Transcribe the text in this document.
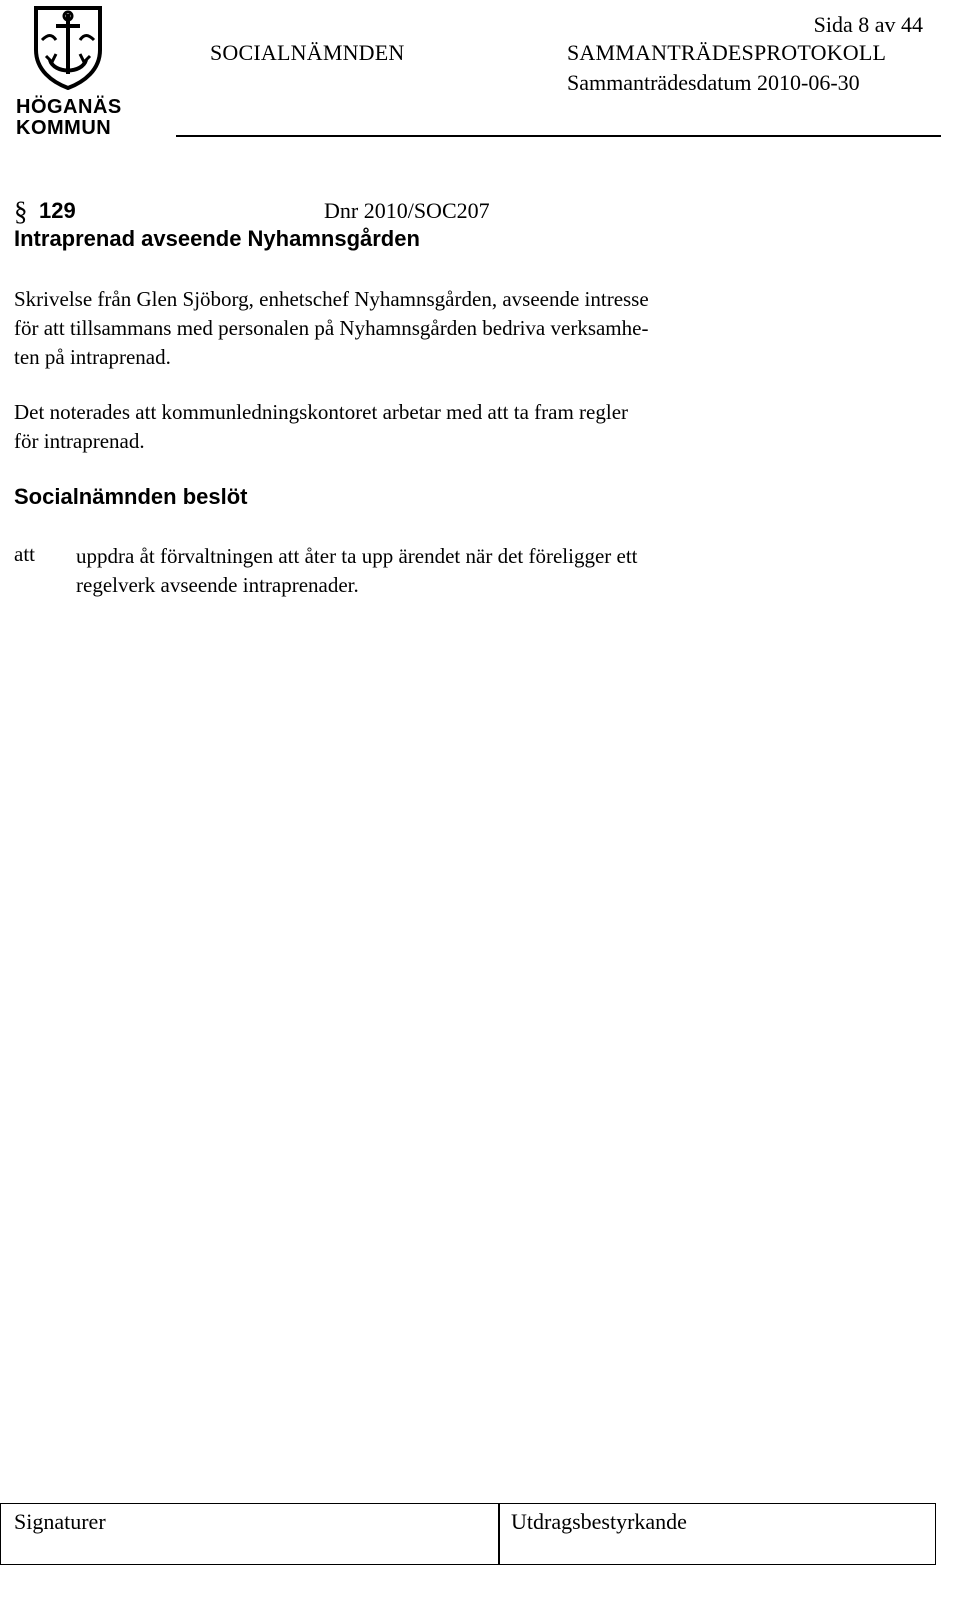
HÖGANÄS
KOMMUN
Sida 8 av 44
SOCIALNÄMNDEN	SAMMANTRÄDESPROTOKOLL
Sammanträdesdatum 2010-06-30
§ 129	Dnr 2010/SOC207
Intraprenad avseende Nyhamnsgården
Skrivelse från Glen Sjöborg, enhetschef Nyhamnsgården, avseende intresse
för att tillsammans med personalen på Nyhamnsgården bedriva verksamhe-
ten på intraprenad.
Det noterades att kommunledningskontoret arbetar med att ta fram regler
för intraprenad.
Socialnämnden beslöt
att uppdra åt förvaltningen att åter ta upp ärendet när det föreligger ett
regelverk avseende intraprenader.
Signaturer	Utdragsbestyrkande
